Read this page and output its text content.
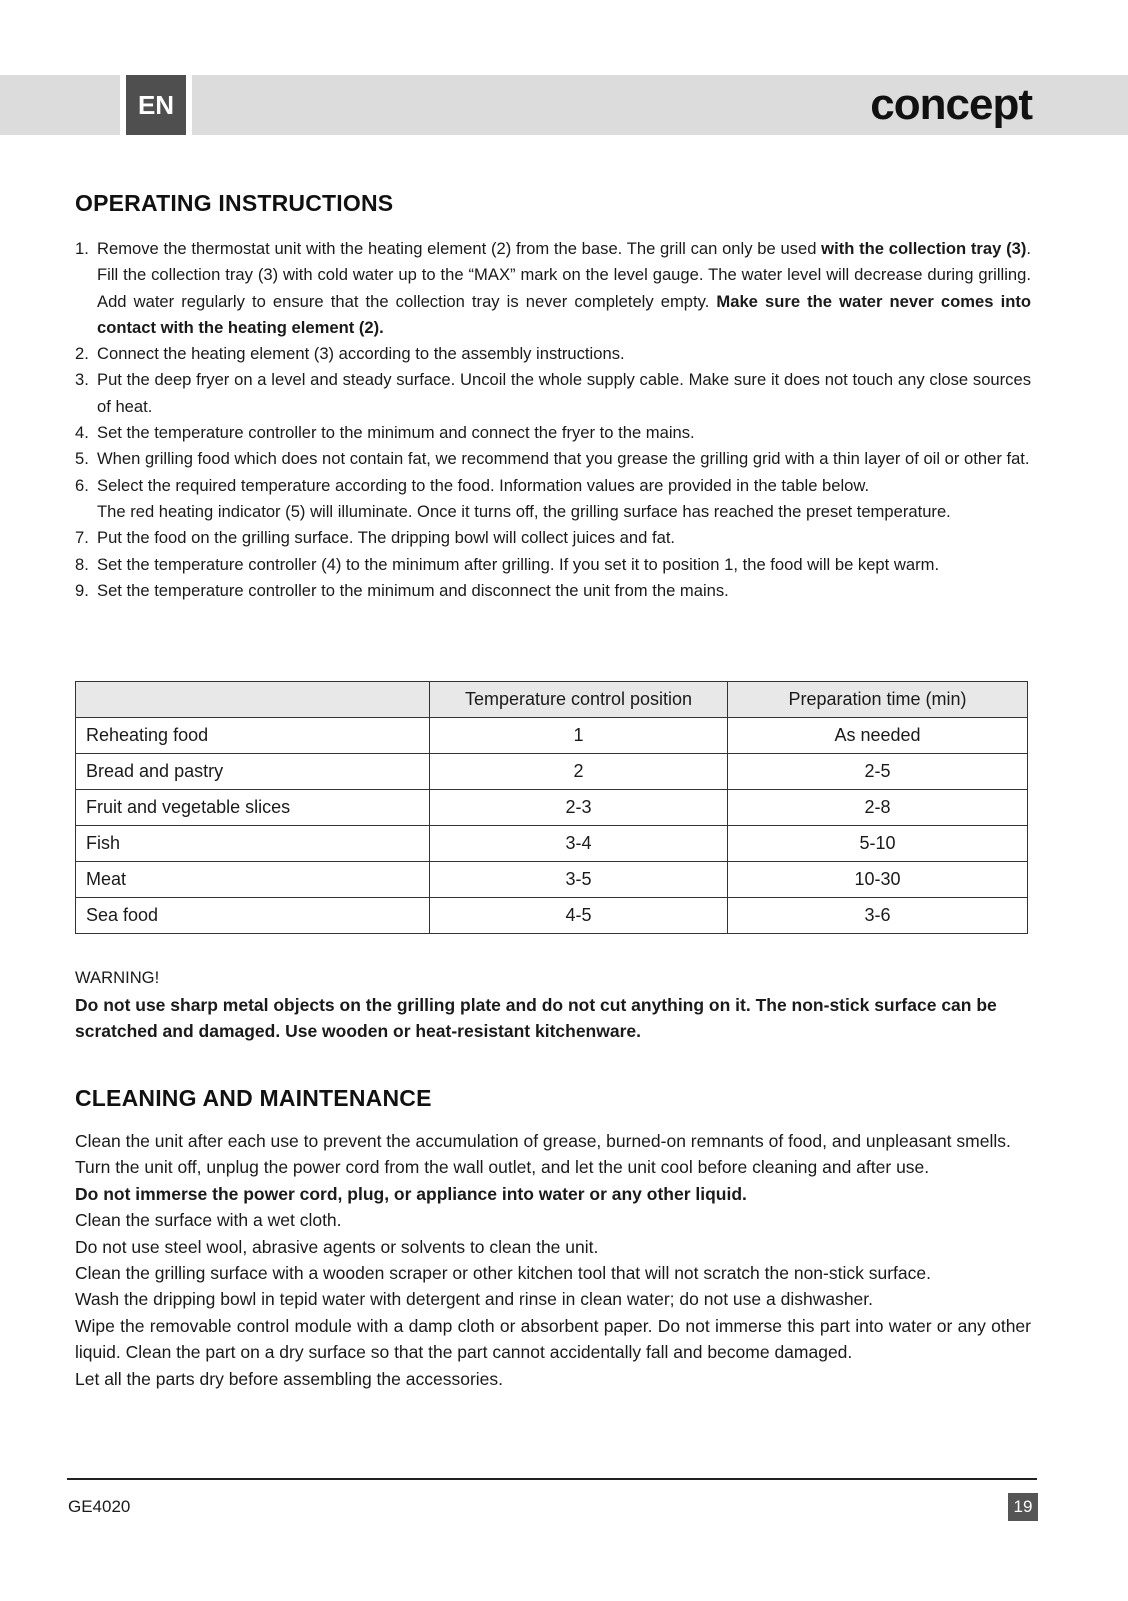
EN	concept
OPERATING INSTRUCTIONS
1. Remove the thermostat unit with the heating element (2) from the base. The grill can only be used with the collection tray (3). Fill the collection tray (3) with cold water up to the “MAX” mark on the level gauge. The water level will decrease during grilling. Add water regularly to ensure that the collection tray is never completely empty. Make sure the water never comes into contact with the heating element (2).
2. Connect the heating element (3) according to the assembly instructions.
3. Put the deep fryer on a level and steady surface. Uncoil the whole supply cable. Make sure it does not touch any close sources of heat.
4. Set the temperature controller to the minimum and connect the fryer to the mains.
5. When grilling food which does not contain fat, we recommend that you grease the grilling grid with a thin layer of oil or other fat.
6. Select the required temperature according to the food. Information values are provided in the table below.
The red heating indicator (5) will illuminate. Once it turns off, the grilling surface has reached the preset temperature.
7. Put the food on the grilling surface. The dripping bowl will collect juices and fat.
8. Set the temperature controller (4) to the minimum after grilling. If you set it to position 1, the food will be kept warm.
9. Set the temperature controller to the minimum and disconnect the unit from the mains.
	Temperature control position	Preparation time (min)
Reheating food	1	As needed
Bread and pastry	2	2-5
Fruit and vegetable slices	2-3	2-8
Fish	3-4	5-10
Meat	3-5	10-30
Sea food	4-5	3-6
WARNING!
Do not use sharp metal objects on the grilling plate and do not cut anything on it. The non-stick surface can be scratched and damaged. Use wooden or heat-resistant kitchenware.
CLEANING AND MAINTENANCE

Clean the unit after each use to prevent the accumulation of grease, burned-on remnants of food, and unpleasant smells.

Turn the unit off, unplug the power cord from the wall outlet, and let the unit cool before cleaning and after use.

Do not immerse the power cord, plug, or appliance into water or any other liquid.

Clean the surface with a wet cloth.

Do not use steel wool, abrasive agents or solvents to clean the unit.

Clean the grilling surface with a wooden scraper or other kitchen tool that will not scratch the non-stick surface.

Wash the dripping bowl in tepid water with detergent and rinse in clean water; do not use a dishwasher.

Wipe the removable control module with a damp cloth or absorbent paper. Do not immerse this part into water or any other liquid. Clean the part on a dry surface so that the part cannot accidentally fall and become damaged.

Let all the parts dry before assembling the accessories.

GE4020	19
